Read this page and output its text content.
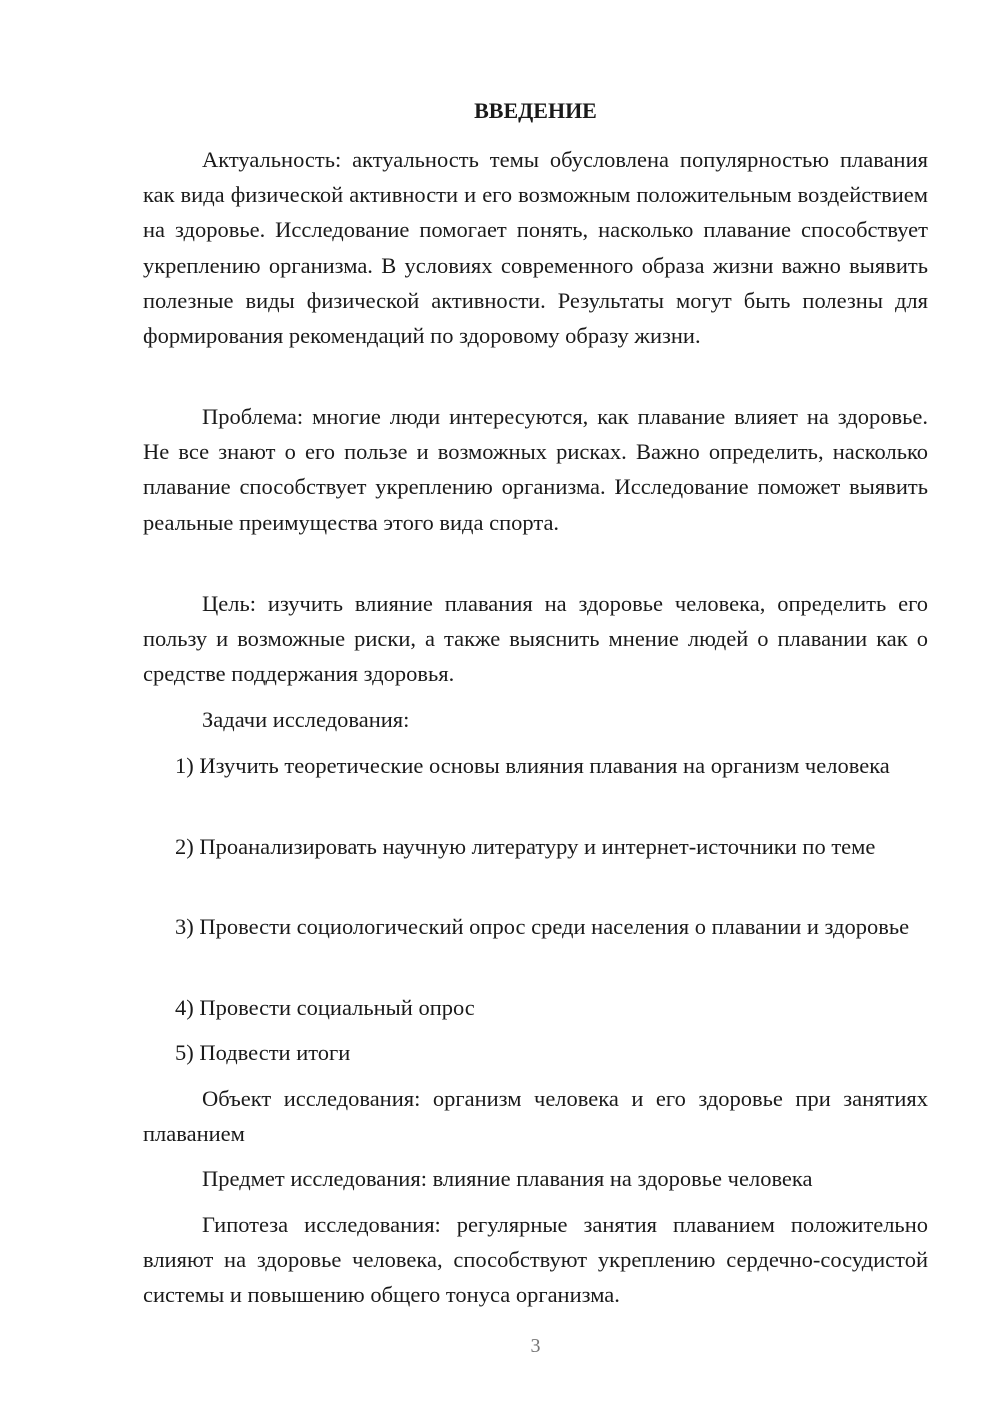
ВВЕДЕНИЕ

Актуальность: актуальность темы обусловлена популярностью плавания как вида физической активности и его возможным положительным воздействием на здоровье. Исследование помогает понять, насколько плавание способствует укреплению организма. В условиях современного образа жизни важно выявить полезные виды физической активности. Результаты могут быть полезны для формирования рекомендаций по здоровому образу жизни.

Проблема: многие люди интересуются, как плавание влияет на здоровье. Не все знают о его пользе и возможных рисках. Важно определить, насколько плавание способствует укреплению организма. Исследование поможет выявить реальные преимущества этого вида спорта.

Цель: изучить влияние плавания на здоровье человека, определить его пользу и возможные риски, а также выяснить мнение людей о плавании как о средстве поддержания здоровья.

Задачи исследования:

1) Изучить теоретические основы влияния плавания на организм человека

2) Проанализировать научную литературу и интернет-источники по теме

3) Провести социологический опрос среди населения о плавании и здоровье

4) Провести социальный опрос

5) Подвести итоги

Объект исследования: организм человека и его здоровье при занятиях плаванием

Предмет исследования: влияние плавания на здоровье человека

Гипотеза исследования: регулярные занятия плаванием положительно влияют на здоровье человека, способствуют укреплению сердечно-сосудистой системы и повышению общего тонуса организма.

3
